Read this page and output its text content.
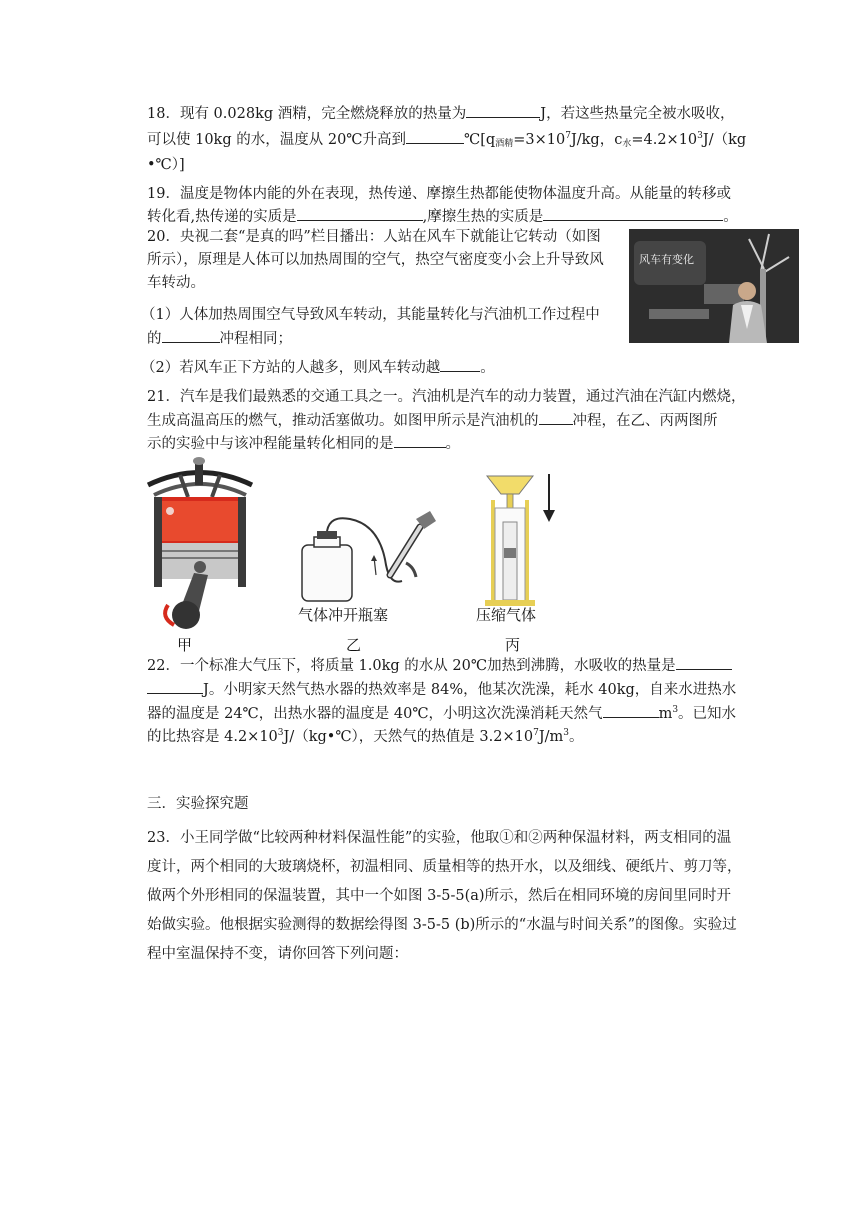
18．现有 0.028kg 酒精，完全燃烧释放的热量为	J，若这些热量完全被水吸收，
可以使 10kg 的水，温度从 20℃升高到	$℃[q_{酒精}=3\times 10^7J/kg$，$c_水=4.2\times 10^3J/(kg$
•℃）]
19．温度是物体内能的外在表现，热传递、摩擦生热都能使物体温度升高。从能量的转移或
转化看,热传递的实质是	,摩擦生热的实质是	。
20．央视二套“是真的吗”栏目播出：人站在风车下就能让它转动（如图
所示），原理是人体可以加热周围的空气，热空气密度变小会上升导致风
车转动。
（1）人体加热周围空气导致风车转动，其能量转化与汽油机工作过程中
的	冲程相同；
（2）若风车正下方站的人越多，则风车转动越	。
风车有变化
21．汽车是我们最熟悉的交通工具之一。汽油机是汽车的动力装置，通过汽油在汽缸内燃烧，
生成高温高压的燃气，推动活塞做功。如图甲所示是汽油机的 冲程，在乙、丙两图所
示的实验中与该冲程能量转化相同的是	。
气体冲开瓶塞	压缩气体
甲	乙	丙
22．一个标准大气压下，将质量 1.0kg 的水从 20℃加热到沸腾，水吸收的热量是
J。小明家天然气热水器的热效率是 84%，他某次洗澡，耗水 40kg，自来水进热水
器的温度是 24℃，出热水器的温度是 40℃，小明这次洗澡消耗天然气	$m^3$。已知水
的比热容是 $4.2\times 10^3J/(kg•℃)$，天然气的热值是 $3.2\times 10^7J/m^3$。
三．实验探究题
23．小王同学做“比较两种材料保温性能”的实验，他取①和②两种保温材料，两支相同的温
度计，两个相同的大玻璃烧杯，初温相同、质量相等的热开水，以及细线、硬纸片、剪刀等，
做两个外形相同的保温装置，其中一个如图 3-5-5(a)所示，然后在相同环境的房间里同时开
始做实验。他根据实验测得的数据绘得图 3-5-5 (b)所示的“水温与时间关系”的图像。实验过
程中室温保持不变，请你回答下列问题：
